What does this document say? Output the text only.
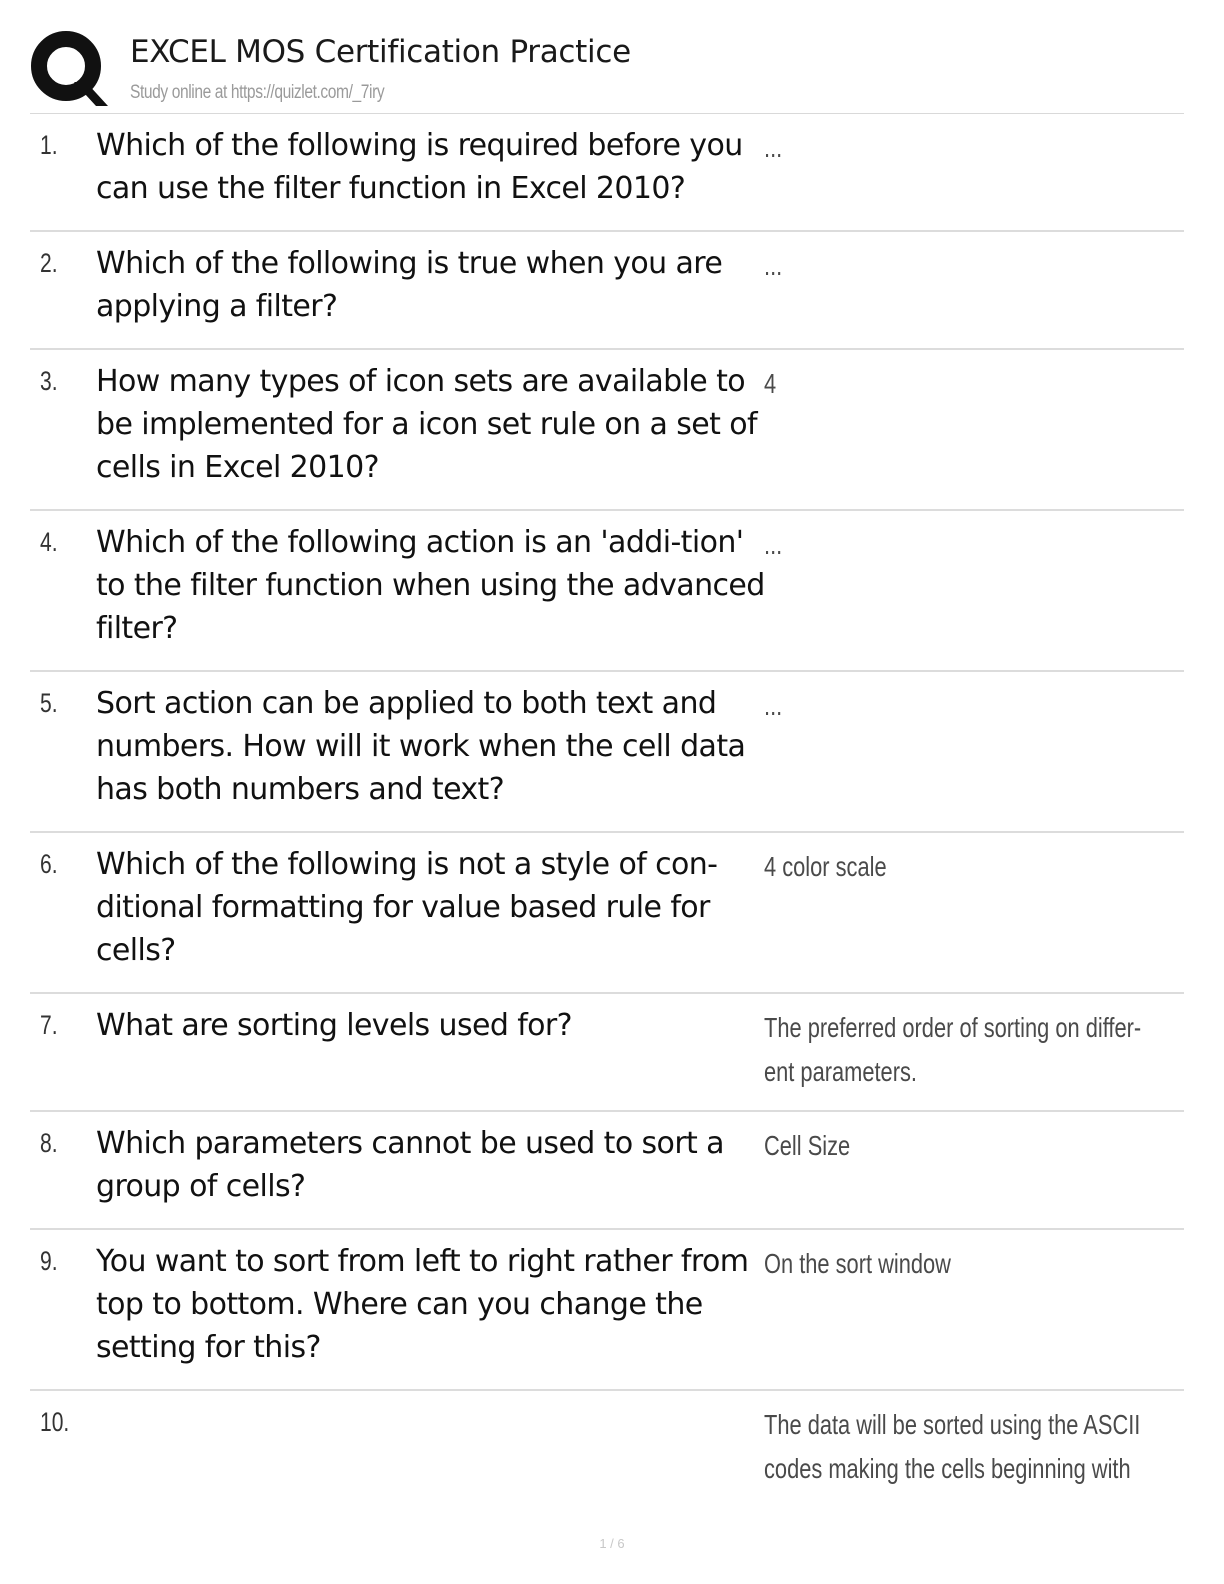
EXCEL MOS Certification Practice
Study online at https://quizlet.com/_7iry
1. Which of the following is required before you can use the filter function in Excel 2010?
...
2. Which of the following is true when you are applying a filter?
...
3. How many types of icon sets are available to be implemented for a icon set rule on a set of cells in Excel 2010?
4
4. Which of the following action is an 'addi-tion' to the filter function when using the advanced filter?
...
5. Sort action can be applied to both text and numbers. How will it work when the cell data has both numbers and text?
...
6. Which of the following is not a style of con-ditional formatting for value based rule for cells?
4 color scale
7. What are sorting levels used for?	The preferred order of sorting on differ-ent parameters.
8. Which parameters cannot be used to sort a group of cells?
Cell Size
9. You want to sort from left to right rather from top to bottom. Where can you change the setting for this?
On the sort window
10.	The data will be sorted using the ASCII codes making the cells beginning with
1 / 6
